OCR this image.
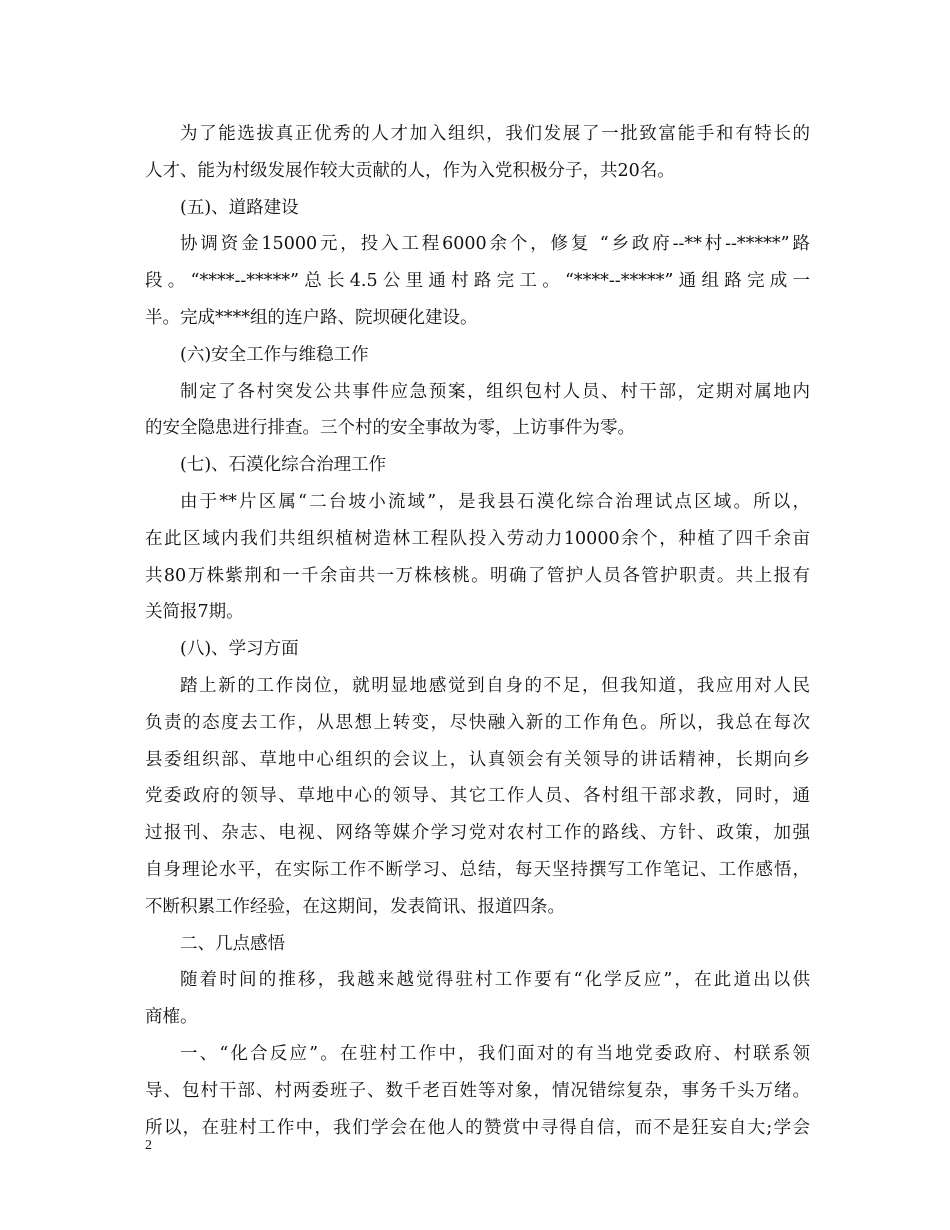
为了能选拔真正优秀的人才加入组织，我们发展了一批致富能手和有特长的
人才、能为村级发展作较大贡献的人，作为入党积极分子，共20名。
(五)、道路建设
协调资金15000元，投入工程6000余个，修复 “乡政府--**村--*****”路
段。“****--*****”总长4.5公里通村路完工。“****--*****”通组路完成一
半。完成****组的连户路、院坝硬化建设。
(六)安全工作与维稳工作
制定了各村突发公共事件应急预案，组织包村人员、村干部，定期对属地内
的安全隐患进行排查。三个村的安全事故为零，上访事件为零。
(七)、石漠化综合治理工作
由于**片区属“二台坡小流域”，是我县石漠化综合治理试点区域。所以，
在此区域内我们共组织植树造林工程队投入劳动力10000余个，种植了四千余亩
共80万株紫荆和一千余亩共一万株核桃。明确了管护人员各管护职责。共上报有
关简报7期。
(八)、学习方面
踏上新的工作岗位，就明显地感觉到自身的不足，但我知道，我应用对人民
负责的态度去工作，从思想上转变，尽快融入新的工作角色。所以，我总在每次
县委组织部、草地中心组织的会议上，认真领会有关领导的讲话精神，长期向乡
党委政府的领导、草地中心的领导、其它工作人员、各村组干部求教，同时，通
过报刊、杂志、电视、网络等媒介学习党对农村工作的路线、方针、政策，加强
自身理论水平，在实际工作不断学习、总结，每天坚持撰写工作笔记、工作感悟，
不断积累工作经验，在这期间，发表简讯、报道四条。
二、几点感悟
随着时间的推移，我越来越觉得驻村工作要有“化学反应”，在此道出以供
商榷。
一、“化合反应”。在驻村工作中，我们面对的有当地党委政府、村联系领
导、包村干部、村两委班子、数千老百姓等对象，情况错综复杂，事务千头万绪。
所以，在驻村工作中，我们学会在他人的赞赏中寻得自信，而不是狂妄自大;学会
2
